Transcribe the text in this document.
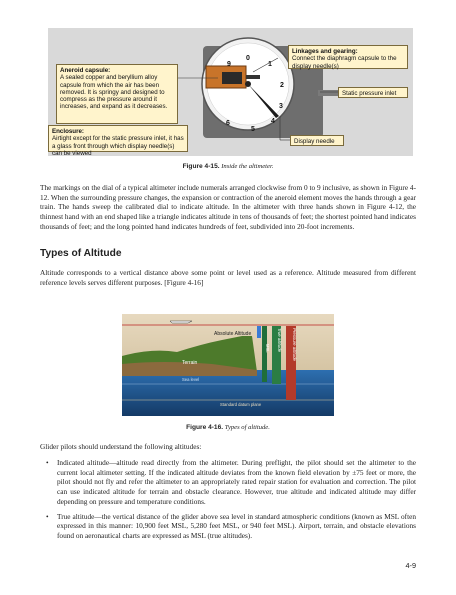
9
0
1
2
3
4
5
6
Aneroid capsule:
A sealed copper and beryllium alloy capsule from which the air has been removed. It is springy and designed to compress as the pressure around it increases, and expand as it decreases.
Enclosure:
Airtight except for the static pressure inlet, it has a glass front through which display needle(s) can be viewed
Linkages and gearing:
Connect the diaphragm capsule to the display needle(s)
Static pressure inlet
Display needle
Figure 4-15. Inside the altimeter.

The markings on the dial of a typical altimeter include numerals arranged clockwise from 0 to 9 inclusive, as shown in Figure 4-12. When the surrounding pressure changes, the expansion or contraction of the aneroid element moves the hands through a gear train. The hands sweep the calibrated dial to indicate altitude. In the altimeter with three hands shown in Figure 4-12, the thinnest hand with an end shaped like a triangle indicates altitude in tens of thousands of feet; the shortest pointed hand indicates thousands of feet; and the long pointed hand indicates hundreds of feet, subdivided into 20-foot increments.

Types of Altitude

Altitude corresponds to a vertical distance above some point or level used as a reference. Altitude measured from different reference levels serves different purposes. [Figure 4-16]

Absolute Altitude
MSL True altitude Pressure altitude
Terrain
Sea level
Standard datum plane
Figure 4-16. Types of altitude.

Glider pilots should understand the following altitudes:

• Indicated altitude—altitude read directly from the altimeter. During preflight, the pilot should set the altimeter to the current local altimeter setting. If the indicated altitude deviates from the known field elevation by ±75 feet or more, the pilot should not fly and refer the altimeter to an appropriately rated repair station for evaluation and correction. The pilot can use indicated altitude for terrain and obstacle clearance. However, true altitude and indicated altitude may differ depending on pressure and temperature conditions.
• True altitude—the vertical distance of the glider above sea level in standard atmospheric conditions (known as MSL often expressed in this manner: 10,900 feet MSL, 5,280 feet MSL, or 940 feet MSL). Airport, terrain, and obstacle elevations found on aeronautical charts are expressed as MSL (true altitudes).
4-9
